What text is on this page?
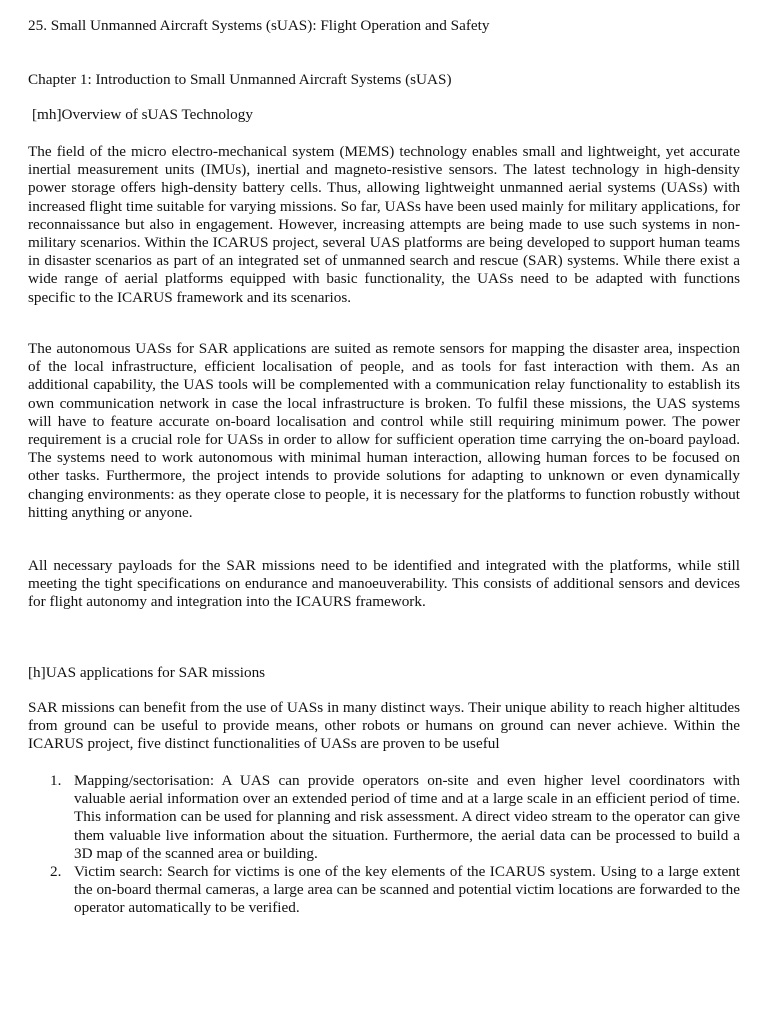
25. Small Unmanned Aircraft Systems (sUAS): Flight Operation and Safety
Chapter 1: Introduction to Small Unmanned Aircraft Systems (sUAS)
[mh]Overview of sUAS Technology

The field of the micro electro-mechanical system (MEMS) technology enables small and lightweight, yet accurate inertial measurement units (IMUs), inertial and magneto-resistive sensors. The latest technology in high-density power storage offers high-density battery cells. Thus, allowing lightweight unmanned aerial systems (UASs) with increased flight time suitable for varying missions. So far, UASs have been used mainly for military applications, for reconnaissance but also in engagement. However, increasing attempts are being made to use such systems in non-military scenarios. Within the ICARUS project, several UAS platforms are being developed to support human teams in disaster scenarios as part of an integrated set of unmanned search and rescue (SAR) systems. While there exist a wide range of aerial platforms equipped with basic functionality, the UASs need to be adapted with functions specific to the ICARUS framework and its scenarios.

The autonomous UASs for SAR applications are suited as remote sensors for mapping the disaster area, inspection of the local infrastructure, efficient localisation of people, and as tools for fast interaction with them. As an additional capability, the UAS tools will be complemented with a communication relay functionality to establish its own communication network in case the local infrastructure is broken. To fulfil these missions, the UAS systems will have to feature accurate on-board localisation and control while still requiring minimum power. The power requirement is a crucial role for UASs in order to allow for sufficient operation time carrying the on-board payload. The systems need to work autonomous with minimal human interaction, allowing human forces to be focused on other tasks. Furthermore, the project intends to provide solutions for adapting to unknown or even dynamically changing environments: as they operate close to people, it is necessary for the platforms to function robustly without hitting anything or anyone.

All necessary payloads for the SAR missions need to be identified and integrated with the platforms, while still meeting the tight specifications on endurance and manoeuverability. This consists of additional sensors and devices for flight autonomy and integration into the ICAURS framework.

[h]UAS applications for SAR missions

SAR missions can benefit from the use of UASs in many distinct ways. Their unique ability to reach higher altitudes from ground can be useful to provide means, other robots or humans on ground can never achieve. Within the ICARUS project, five distinct functionalities of UASs are proven to be useful

1. Mapping/sectorisation: A UAS can provide operators on-site and even higher level coordinators with valuable aerial information over an extended period of time and at a large scale in an efficient period of time. This information can be used for planning and risk assessment. A direct video stream to the operator can give them valuable live information about the situation. Furthermore, the aerial data can be processed to build a 3D map of the scanned area or building.
2. Victim search: Search for victims is one of the key elements of the ICARUS system. Using to a large extent the on-board thermal cameras, a large area can be scanned and potential victim locations are forwarded to the operator automatically to be verified.
